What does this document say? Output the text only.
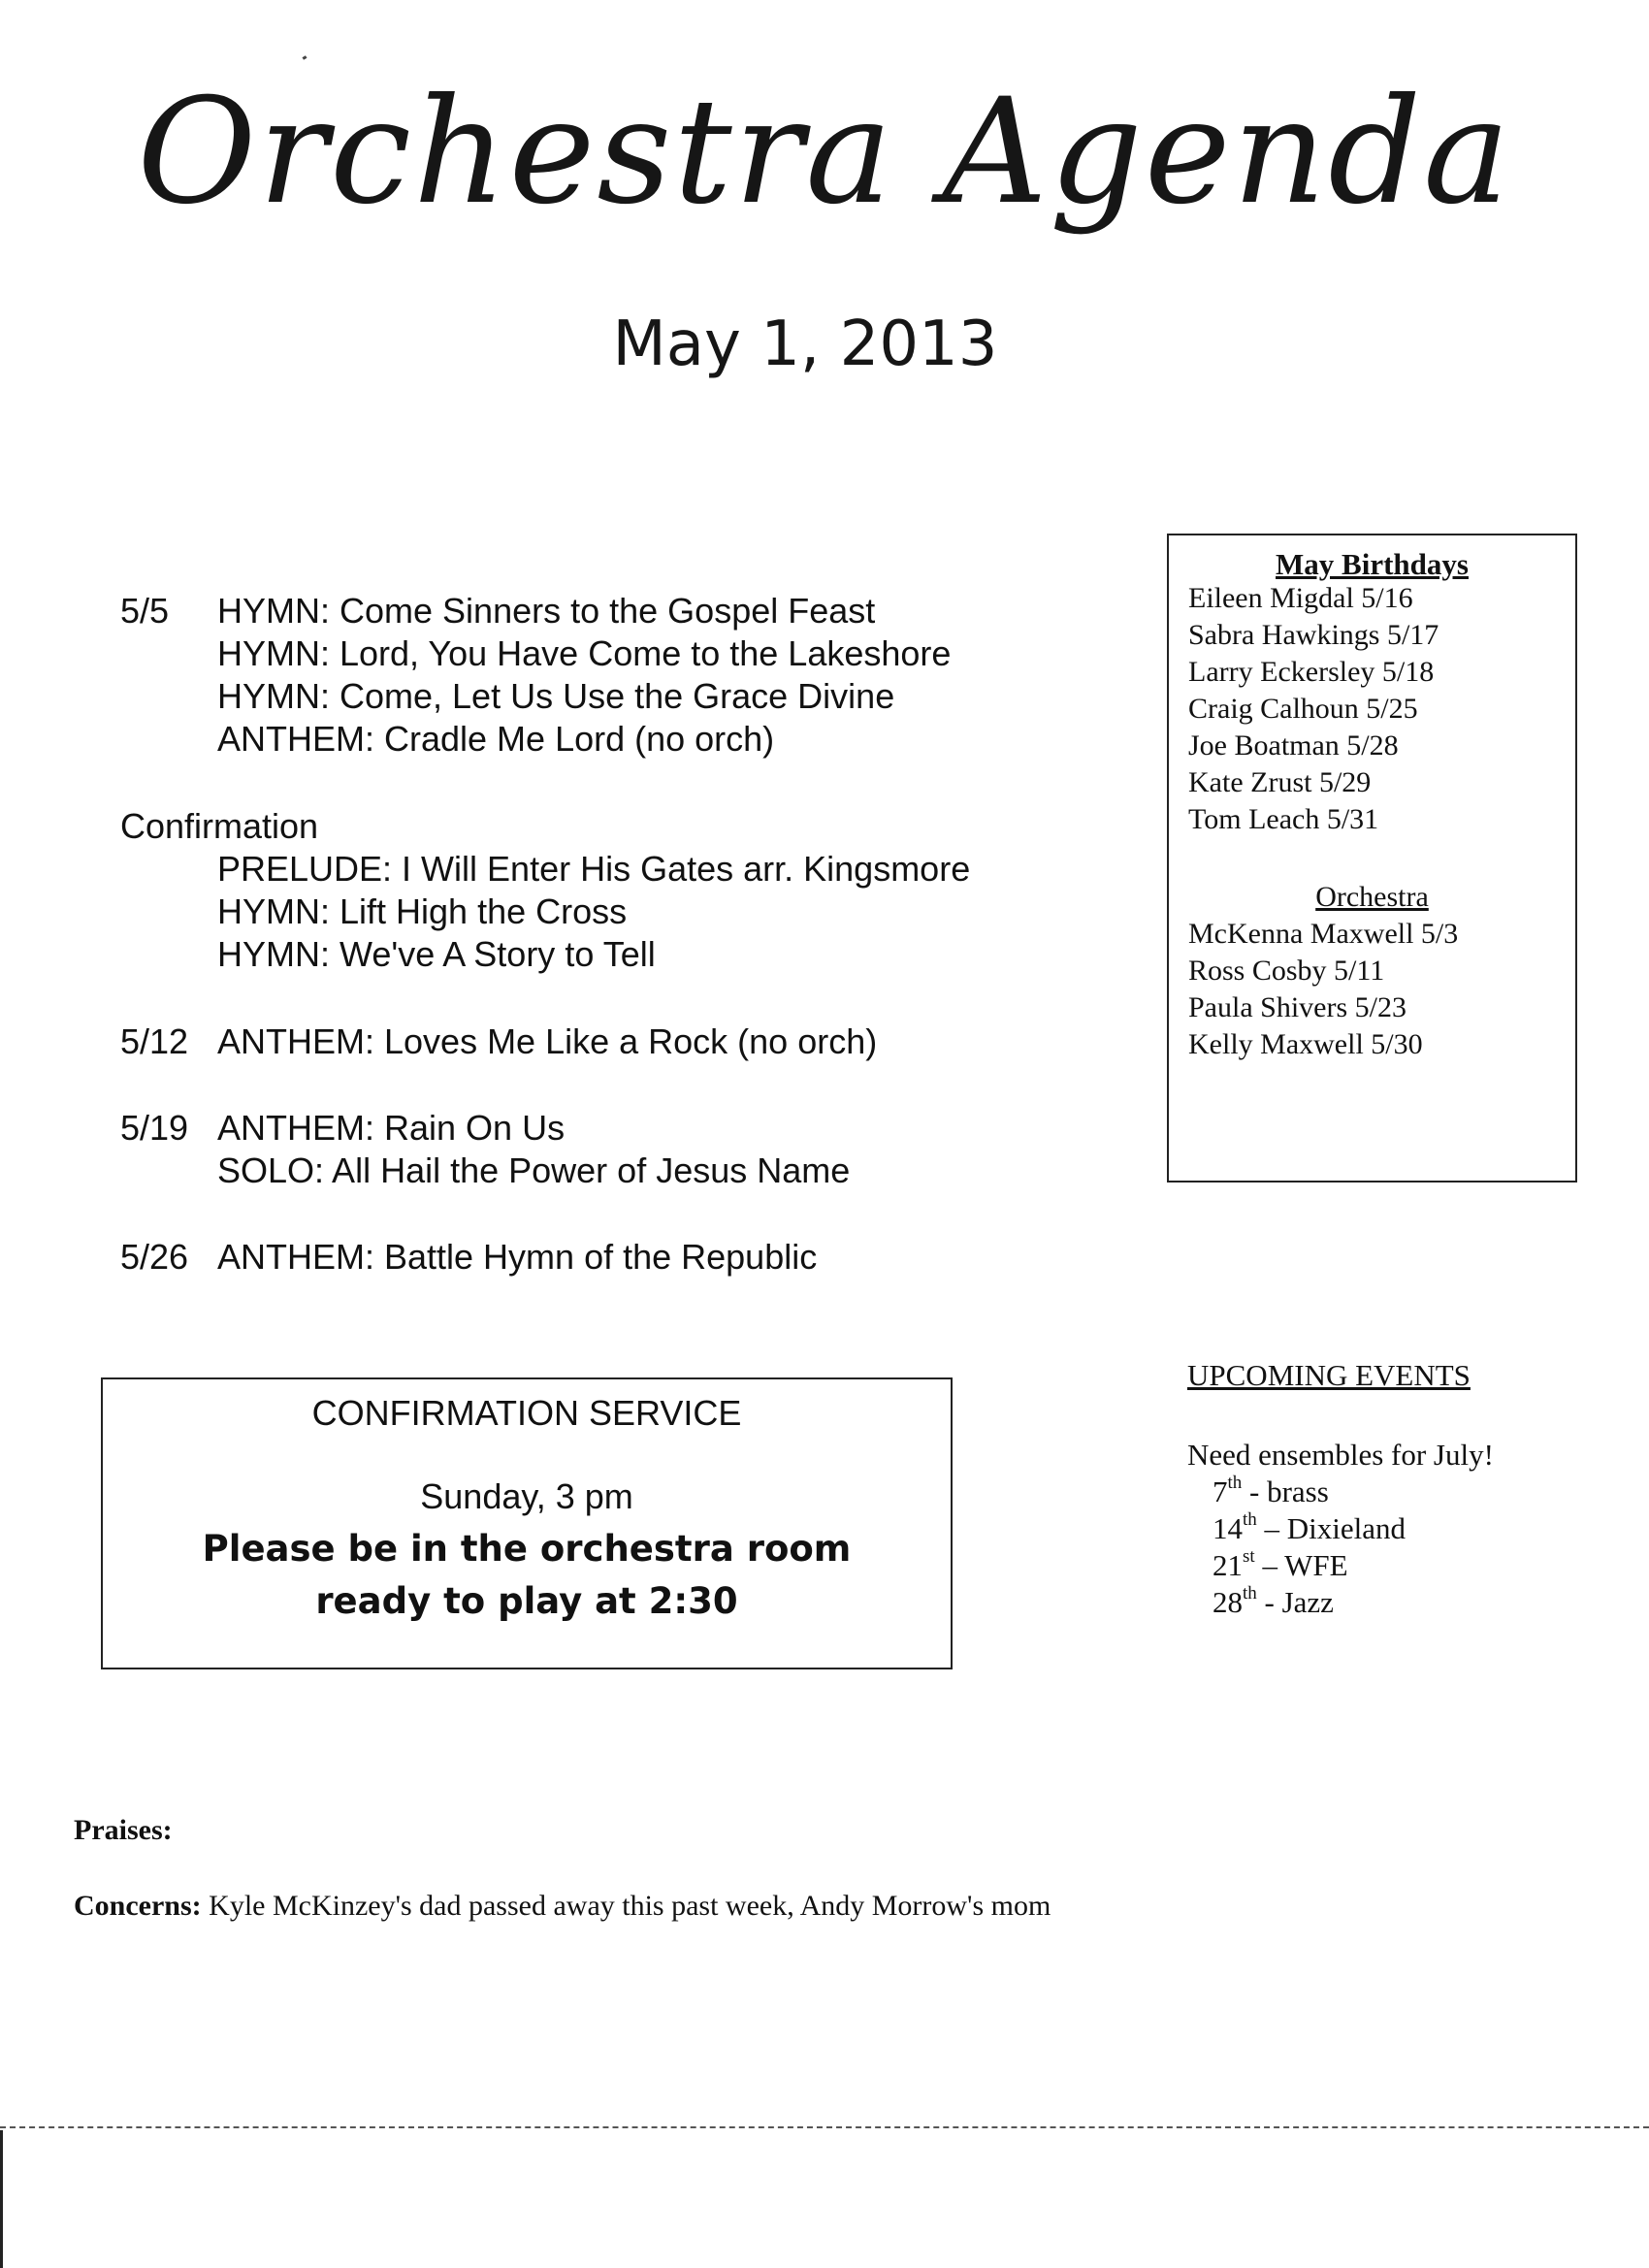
Orchestra Agenda
May 1, 2013
5/5	HYMN: Come Sinners to the Gospel Feast
HYMN: Lord, You Have Come to the Lakeshore
HYMN: Come, Let Us Use the Grace Divine
ANTHEM: Cradle Me Lord (no orch)
Confirmation
PRELUDE: I Will Enter His Gates arr. Kingsmore
HYMN: Lift High the Cross
HYMN: We've A Story to Tell
5/12 ANTHEM: Loves Me Like a Rock (no orch)
5/19 ANTHEM: Rain On Us
SOLO: All Hail the Power of Jesus Name
5/26 ANTHEM: Battle Hymn of the Republic
May Birthdays
Eileen Migdal 5/16
Sabra Hawkings 5/17
Larry Eckersley 5/18
Craig Calhoun 5/25
Joe Boatman 5/28
Kate Zrust 5/29
Tom Leach 5/31
Orchestra
McKenna Maxwell 5/3
Ross Cosby 5/11
Paula Shivers 5/23
Kelly Maxwell 5/30
CONFIRMATION SERVICE
Sunday, 3 pm
Please be in the orchestra room
ready to play at 2:30
UPCOMING EVENTS
Need ensembles for July!
7th - brass
14th – Dixieland
21st – WFE
28th - Jazz
Praises:
Concerns: Kyle McKinzey's dad passed away this past week, Andy Morrow's mom
